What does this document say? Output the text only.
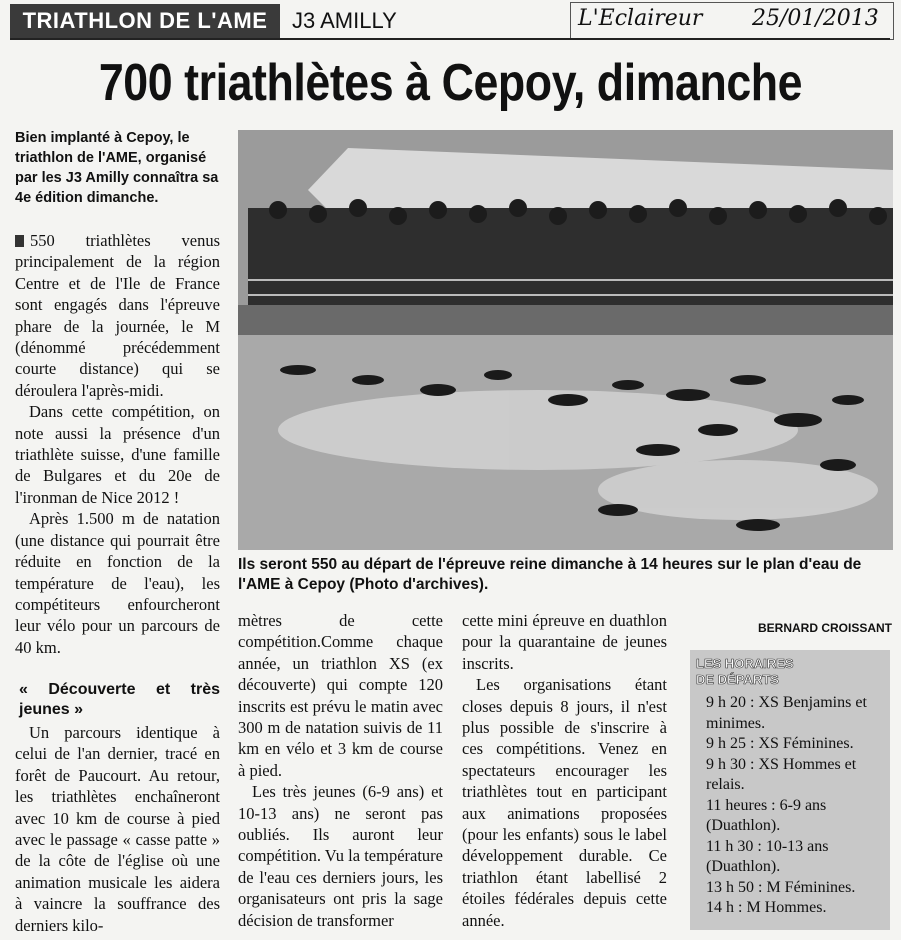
TRIATHLON DE L'AME	J3 AMILLY	L'Eclaireur 25/01/2013
700 triathlètes à Cepoy, dimanche
Bien implanté à Cepoy, le triathlon de l'AME, organisé par les J3 Amilly connaîtra sa 4e édition dimanche.

550 triathlètes venus principalement de la région Centre et de l'Ile de France sont engagés dans l'épreuve phare de la journée, le M (dénommé précédemment courte distance) qui se déroulera l'après-midi.

Dans cette compétition, on note aussi la présence d'un triathlète suisse, d'une famille de Bulgares et du 20e de l'ironman de Nice 2012 !

Après 1.500 m de natation (une distance qui pourrait être réduite en fonction de la température de l'eau), les compétiteurs enfourcheront leur vélo pour un parcours de 40 km.

« Découverte et très jeunes »

Un parcours identique à celui de l'an dernier, tracé en forêt de Paucourt. Au retour, les triathlètes enchaîneront avec 10 km de course à pied avec le passage « casse patte » de la côte de l'église où une animation musicale les aidera à vaincre la souffrance des derniers kilo-

Ils seront 550 au départ de l'épreuve reine dimanche à 14 heures sur le plan d'eau de l'AME à Cepoy (Photo d'archives).

mètres de cette compétition.Comme chaque année, un triathlon XS (ex découverte) qui compte 120 inscrits est prévu le matin avec 300 m de natation suivis de 11 km en vélo et 3 km de course à pied.

Les très jeunes (6-9 ans) et 10-13 ans) ne seront pas oubliés. Ils auront leur compétition. Vu la température de l'eau ces derniers jours, les organisateurs ont pris la sage décision de transformer

cette mini épreuve en duathlon pour la quarantaine de jeunes inscrits.

Les organisations étant closes depuis 8 jours, il n'est plus possible de s'inscrire à ces compétitions. Venez en spectateurs encourager les triathlètes tout en participant aux animations proposées (pour les enfants) sous le label développement durable. Ce triathlon étant labellisé 2 étoiles fédérales depuis cette année.

BERNARD CROISSANT
LES HORAIRES DE DÉPARTS
9 h 20 : XS Benjamins et minimes.
9 h 25 : XS Féminines.
9 h 30 : XS Hommes et relais.
11 heures : 6-9 ans (Duathlon).
11 h 30 : 10-13 ans (Duathlon).
13 h 50 : M Féminines.
14 h : M Hommes.
